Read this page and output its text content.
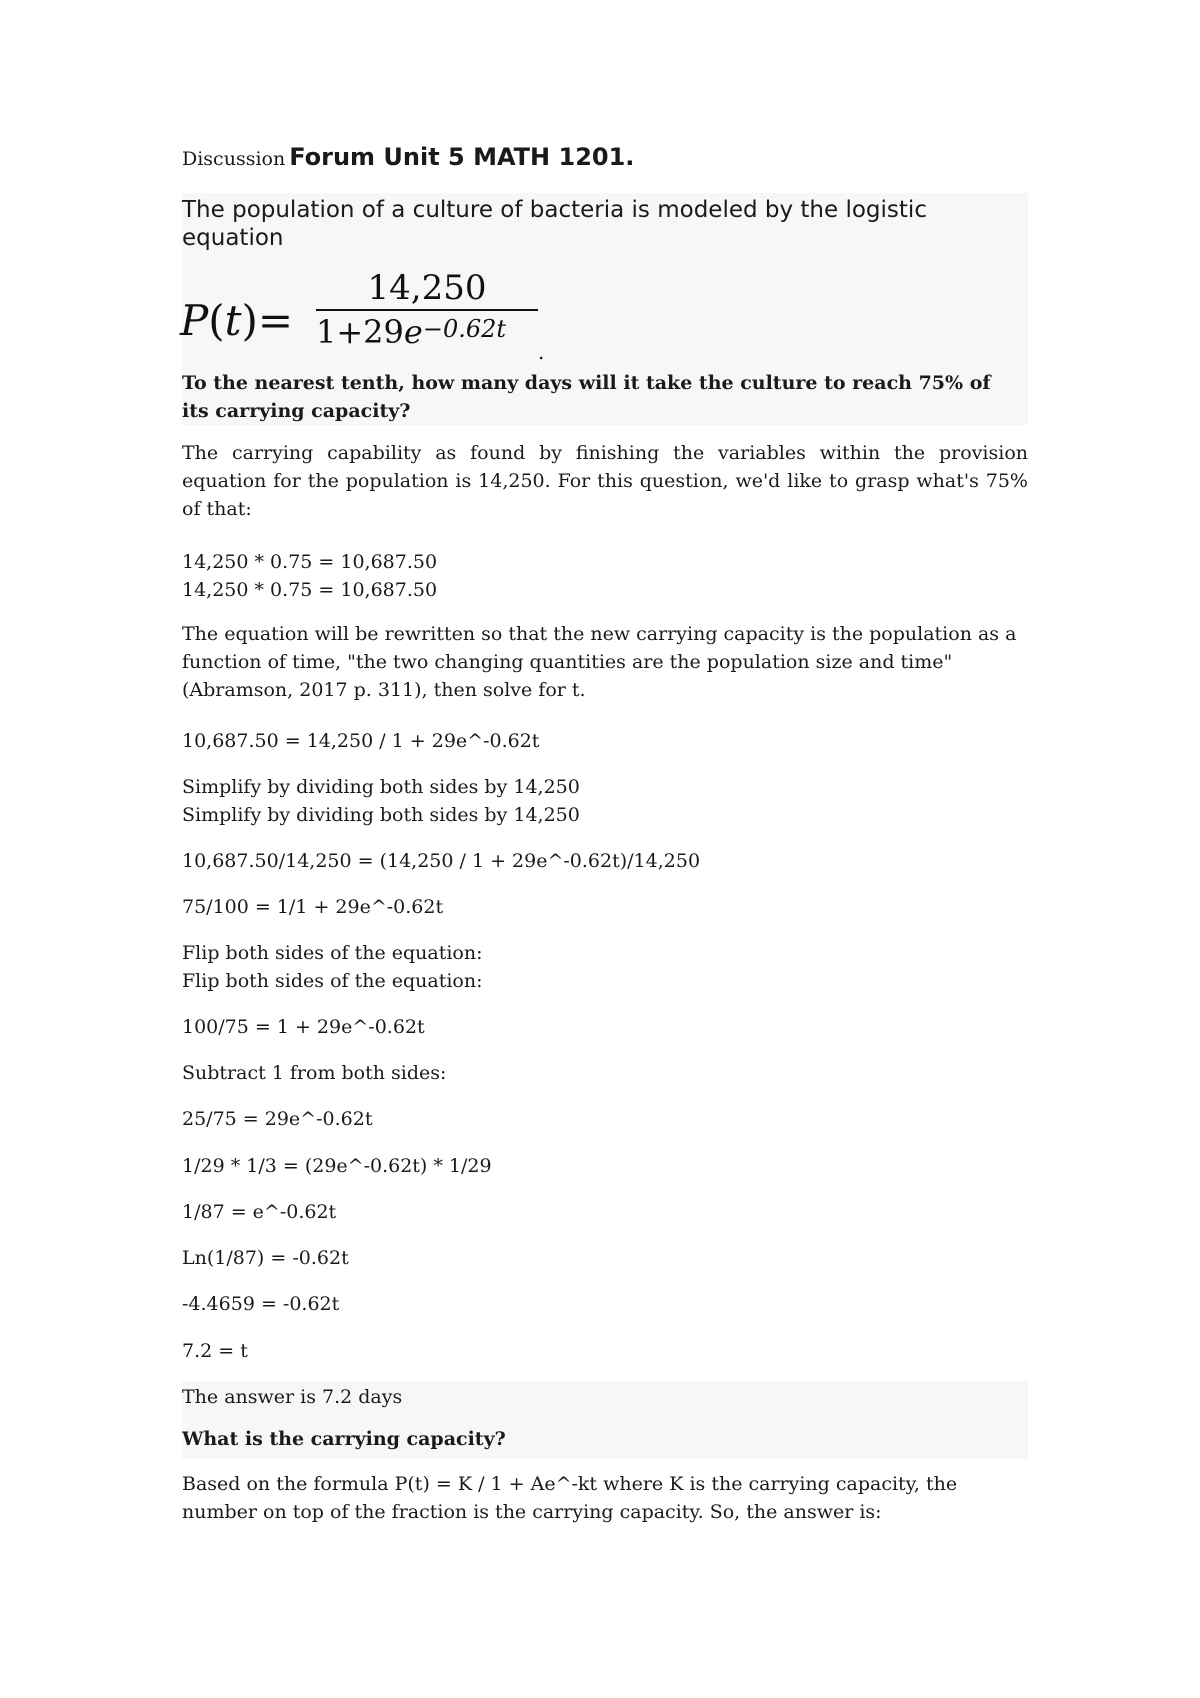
Discussion Forum Unit 5 MATH 1201.
The population of a culture of bacteria is modeled by the logistic equation
P(t)=
14,250
$1+29e^{-0.62t}$
.
To the nearest tenth, how many days will it take the culture to reach 75% of its carrying capacity?
The carrying capability as found by finishing the variables within the provision equation for the population is 14,250. For this question, we'd like to grasp what's 75% of that:
14,250 * 0.75 = 10,687.50
14,250 * 0.75 = 10,687.50
The equation will be rewritten so that the new carrying capacity is the population as a function of time, "the two changing quantities are the population size and time"(Abramson, 2017 p. 311), then solve for t.
10,687.50 = 14,250 / 1 + 29e^-0.62t
Simplify by dividing both sides by 14,250
Simplify by dividing both sides by 14,250
10,687.50/14,250 = (14,250 / 1 + 29e^-0.62t)/14,250
75/100 = 1/1 + 29e^-0.62t
Flip both sides of the equation:
Flip both sides of the equation:
100/75 = 1 + 29e^-0.62t
Subtract 1 from both sides:
25/75 = 29e^-0.62t
1/29 * 1/3 = (29e^-0.62t) * 1/29
1/87 = e^-0.62t
Ln(1/87) = -0.62t
-4.4659 = -0.62t
7.2 = t
The answer is 7.2 days
What is the carrying capacity?
Based on the formula P(t) = K / 1 + Ae^-kt where K is the carrying capacity, the number on top of the fraction is the carrying capacity. So, the answer is:
